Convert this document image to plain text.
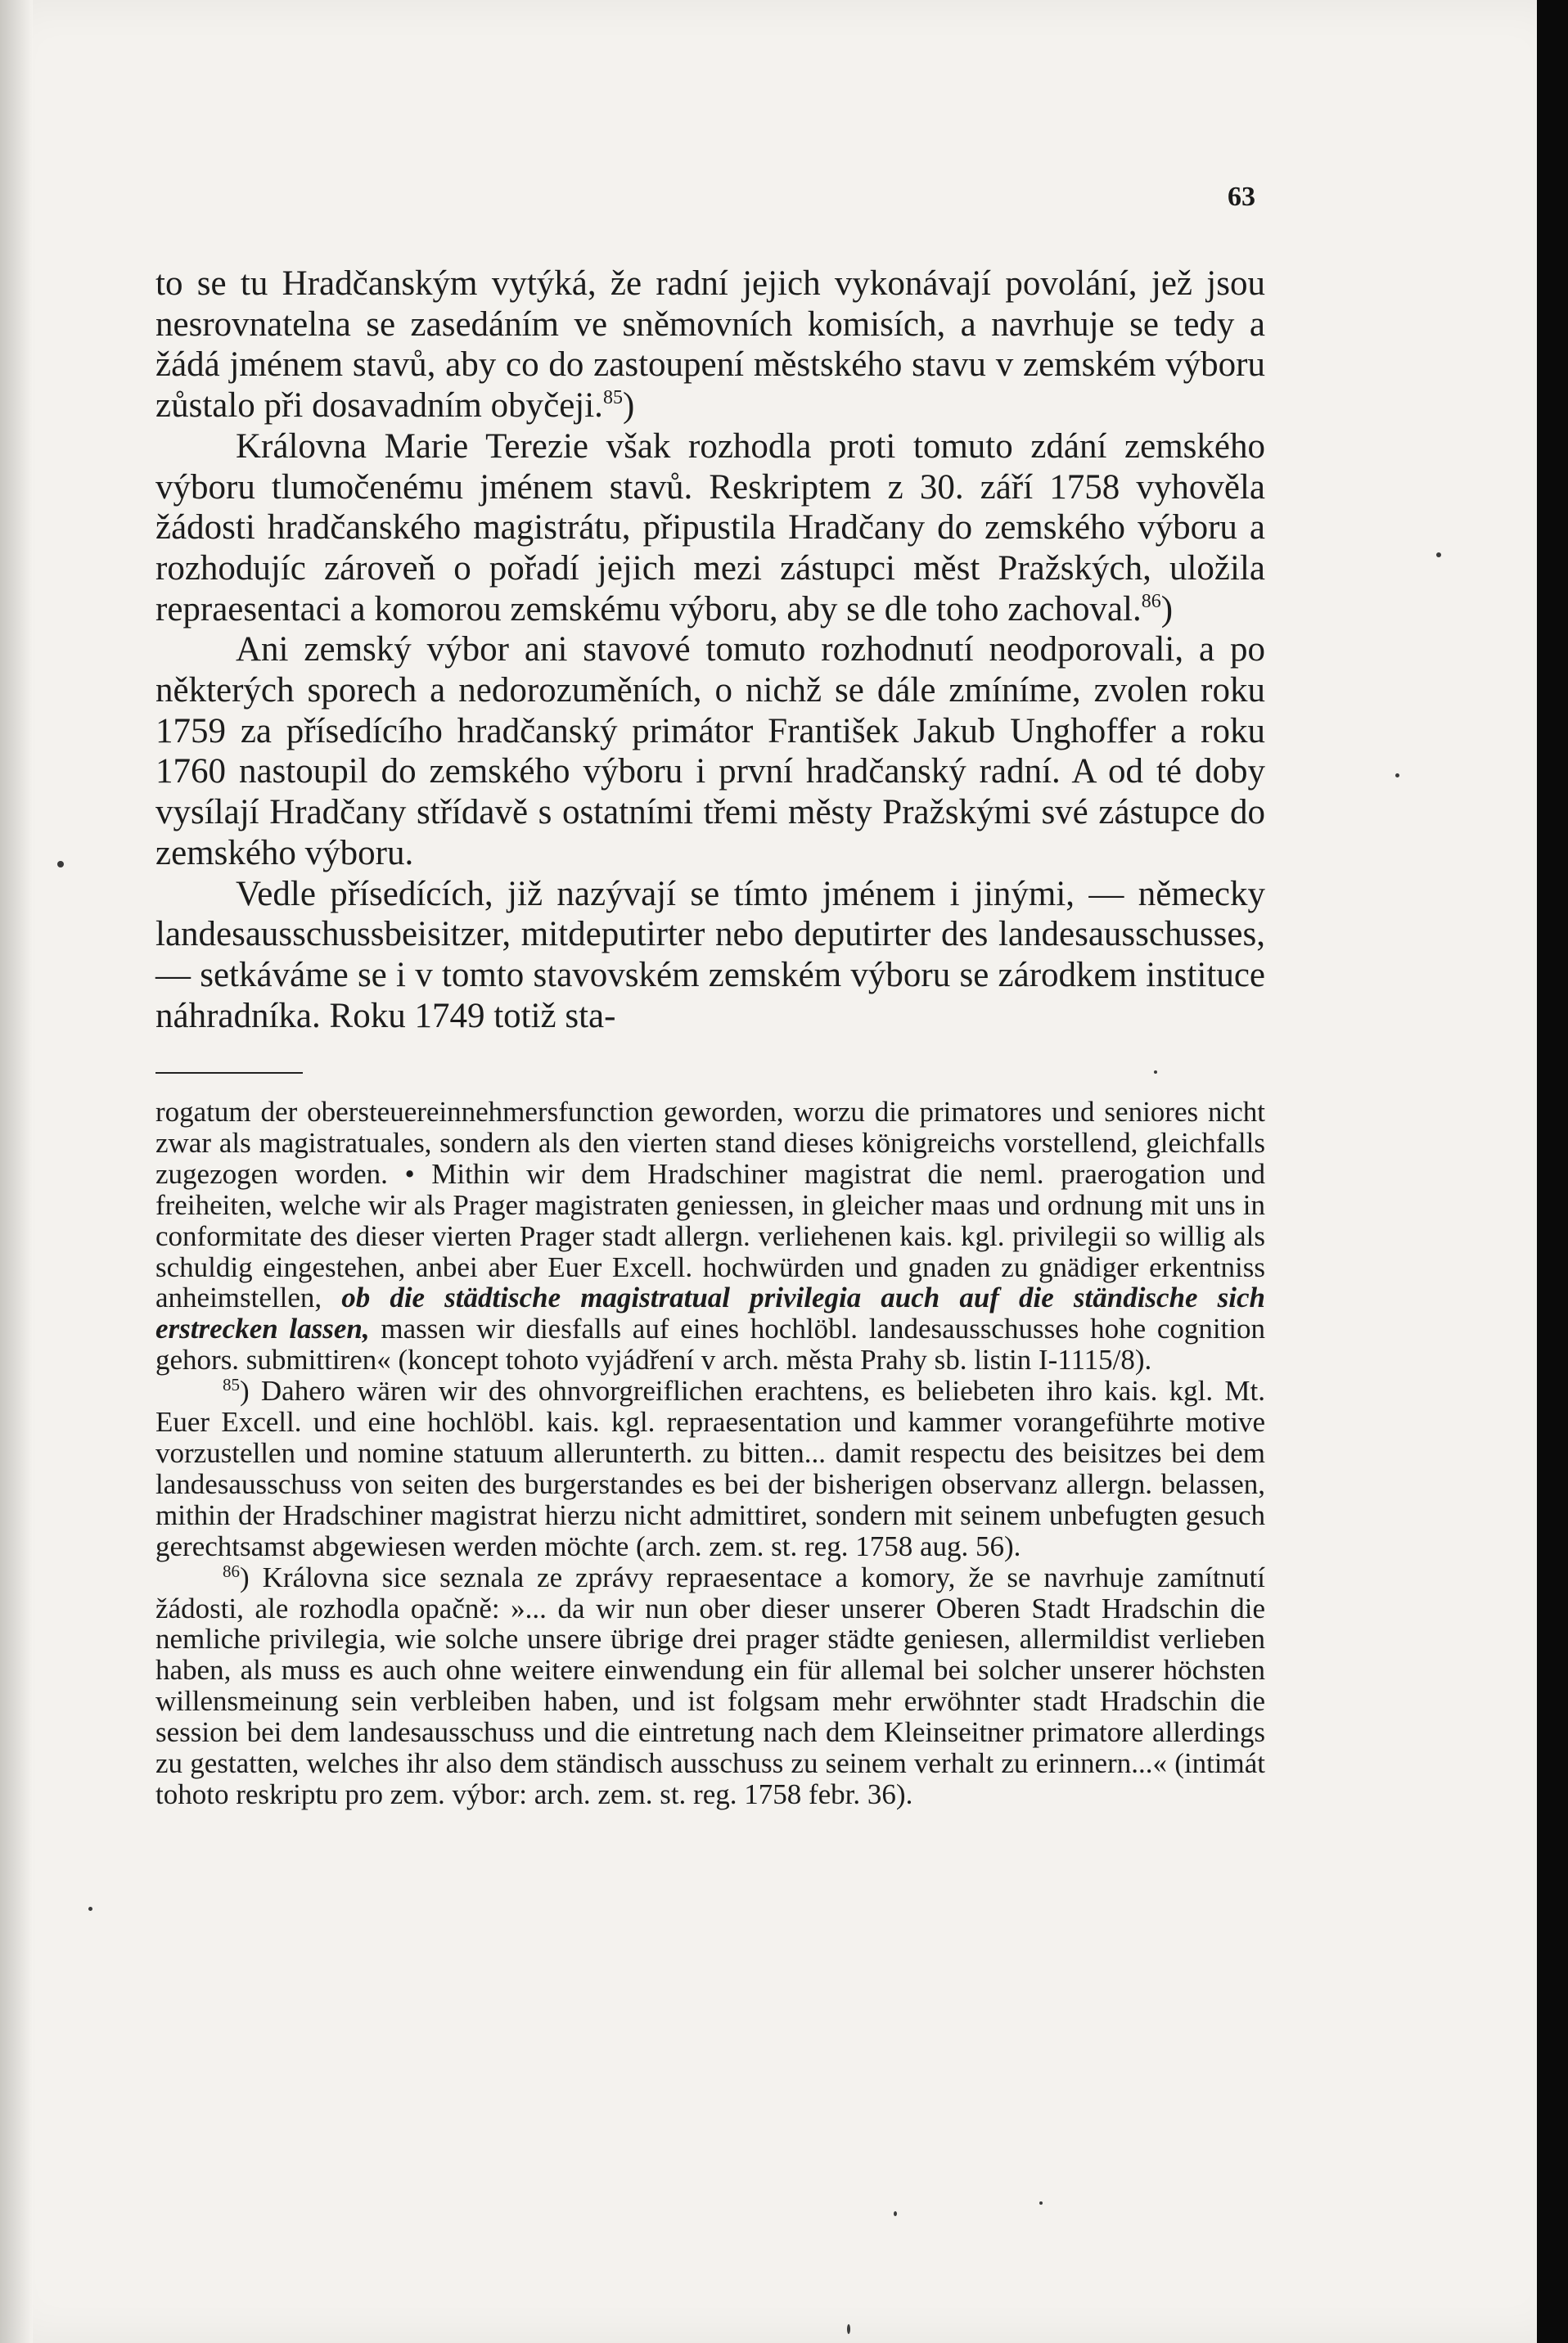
63

to se tu Hradčanským vytýká, že radní jejich vykonávají povolání, jež jsou nesrovnatelna se zasedáním ve sněmovních komisích, a navrhuje se tedy a žádá jménem stavů, aby co do zastoupení městského stavu v zemském výboru zůstalo při dosavadním obyčeji.$^{85}$)

Královna Marie Terezie však rozhodla proti tomuto zdání zemského výboru tlumočenému jménem stavů. Reskriptem z 30. září 1758 vyhověla žádosti hradčanského magistrátu, připustila Hradčany do zemského výboru a rozhodujíc zároveň o pořadí jejich mezi zástupci měst Pražských, uložila repraesentaci a komorou zemskému výboru, aby se dle toho zachoval.$^{86}$)

Ani zemský výbor ani stavové tomuto rozhodnutí neodporovali, a po některých sporech a nedorozuměních, o nichž se dále zmíníme, zvolen roku 1759 za přísedícího hradčanský primátor František Jakub Unghoffer a roku 1760 nastoupil do zemského výboru i první hradčanský radní. A od té doby vysílají Hradčany střídavě s ostatními třemi městy Pražskými své zástupce do zemského výboru.

Vedle přísedících, již nazývají se tímto jménem i jinými, — německy landesausschussbeisitzer, mitdeputirter nebo deputirter des landesausschusses, — setkáváme se i v tomto stavovském zemském výboru se zárodkem instituce náhradníka. Roku 1749 totiž sta-

rogatum der obersteuereinnehmersfunction geworden, worzu die primatores und seniores nicht zwar als magistratuales, sondern als den vierten stand dieses königreichs vorstellend, gleichfalls zugezogen worden. • Mithin wir dem Hradschiner magistrat die neml. praerogation und freiheiten, welche wir als Prager magistraten geniessen, in gleicher maas und ordnung mit uns in conformitate des dieser vierten Prager stadt allergn. verliehenen kais. kgl. privilegii so willig als schuldig eingestehen, anbei aber Euer Excell. hochwürden und gnaden zu gnädiger erkentniss anheimstellen, ob die städtische magistratual privilegia auch auf die ständische sich erstrecken lassen, massen wir diesfalls auf eines hochlöbl. landesausschusses hohe cognition gehors. submittiren« (koncept tohoto vyjádření v arch. města Prahy sb. listin I-1115/8).

$^{85}$) Dahero wären wir des ohnvorgreiflichen erachtens, es beliebeten ihro kais. kgl. Mt. Euer Excell. und eine hochlöbl. kais. kgl. repraesentation und kammer vorangeführte motive vorzustellen und nomine statuum allerunterth. zu bitten... damit respectu des beisitzes bei dem landesausschuss von seiten des burgerstandes es bei der bisherigen observanz allergn. belassen, mithin der Hradschiner magistrat hierzu nicht admittiret, sondern mit seinem unbefugten gesuch gerechtsamst abgewiesen werden möchte (arch. zem. st. reg. 1758 aug. 56).

$^{86}$) Královna sice seznala ze zprávy repraesentace a komory, že se navrhuje zamítnutí žádosti, ale rozhodla opačně: »... da wir nun ober dieser unserer Oberen Stadt Hradschin die nemliche privilegia, wie solche unsere übrige drei prager städte geniesen, allermildist verlieben haben, als muss es auch ohne weitere einwendung ein für allemal bei solcher unserer höchsten willensmeinung sein verbleiben haben, und ist folgsam mehr erwöhnter stadt Hradschin die session bei dem landesausschuss und die eintretung nach dem Kleinseitner primatore allerdings zu gestatten, welches ihr also dem ständisch ausschuss zu seinem verhalt zu erinnern...« (intimát tohoto reskriptu pro zem. výbor: arch. zem. st. reg. 1758 febr. 36).
